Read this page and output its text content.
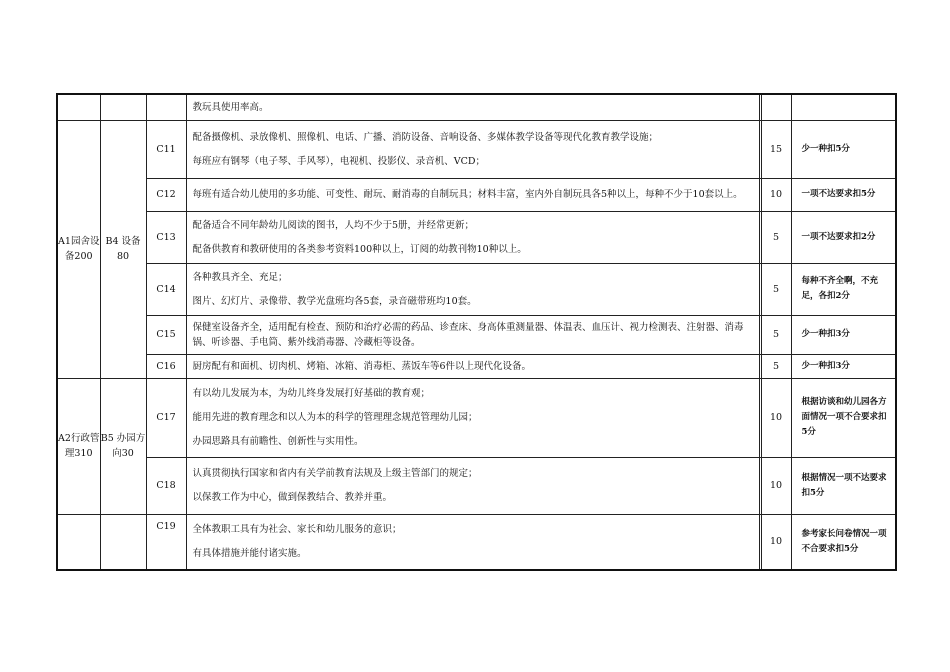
			教玩具使用率高。			

A1园舍设备200	B4 设备80	C11	配备摄像机、录放像机、照像机、电话、广播、消防设备、音响设备、多媒体教学设备等现代化教育教学设施；

每班应有钢琴（电子琴、手风琴），电视机、投影仪、录音机、VCD；		15	少一种扣5分
		C12	每班有适合幼儿使用的多功能、可变性、耐玩、耐消毒的自制玩具；材料丰富，室内外自制玩具各5种以上，每种不少于10套以上。		10	一项不达要求扣5分
		C13	配备适合不同年龄幼儿阅读的图书，人均不少于5册，并经常更新；

配备供教育和教研使用的各类参考资料100种以上，订阅的幼教刊物10种以上。		5	一项不达要求扣2分
		C14	各种教具齐全、充足；

图片、幻灯片、录像带、教学光盘班均各5套，录音磁带班均10套。		5	每种不齐全啊，不充足，各扣2分
		C15	保健室设备齐全，适用配有检查、预防和治疗必需的药品、诊查床、身高体重测量器、体温表、血压计、视力检测表、注射器、消毒锅、听诊器、手电筒、紫外线消毒器、冷藏柜等设备。		5	少一种扣3分
		C16	厨房配有和面机、切肉机、烤箱、冰箱、消毒柜、蒸饭车等6件以上现代化设备。		5	少一种扣3分
A2行政管理310	B5 办园方向30	C17	有以幼儿发展为本，为幼儿终身发展打好基础的教育观；

能用先进的教育理念和以人为本的科学的管理理念规范管理幼儿园；

办园思路具有前瞻性、创新性与实用性。		10	根据访谈和幼儿园各方面情况一项不合要求扣5分
		C18	认真贯彻执行国家和省内有关学前教育法规及上级主管部门的规定；

以保教工作为中心，做到保教结合、教养并重。		10	根据情况一项不达要求扣5分
		C19	全体教职工具有为社会、家长和幼儿服务的意识；

有具体措施并能付诸实施。		10	参考家长问卷情况一项不合要求扣5分
